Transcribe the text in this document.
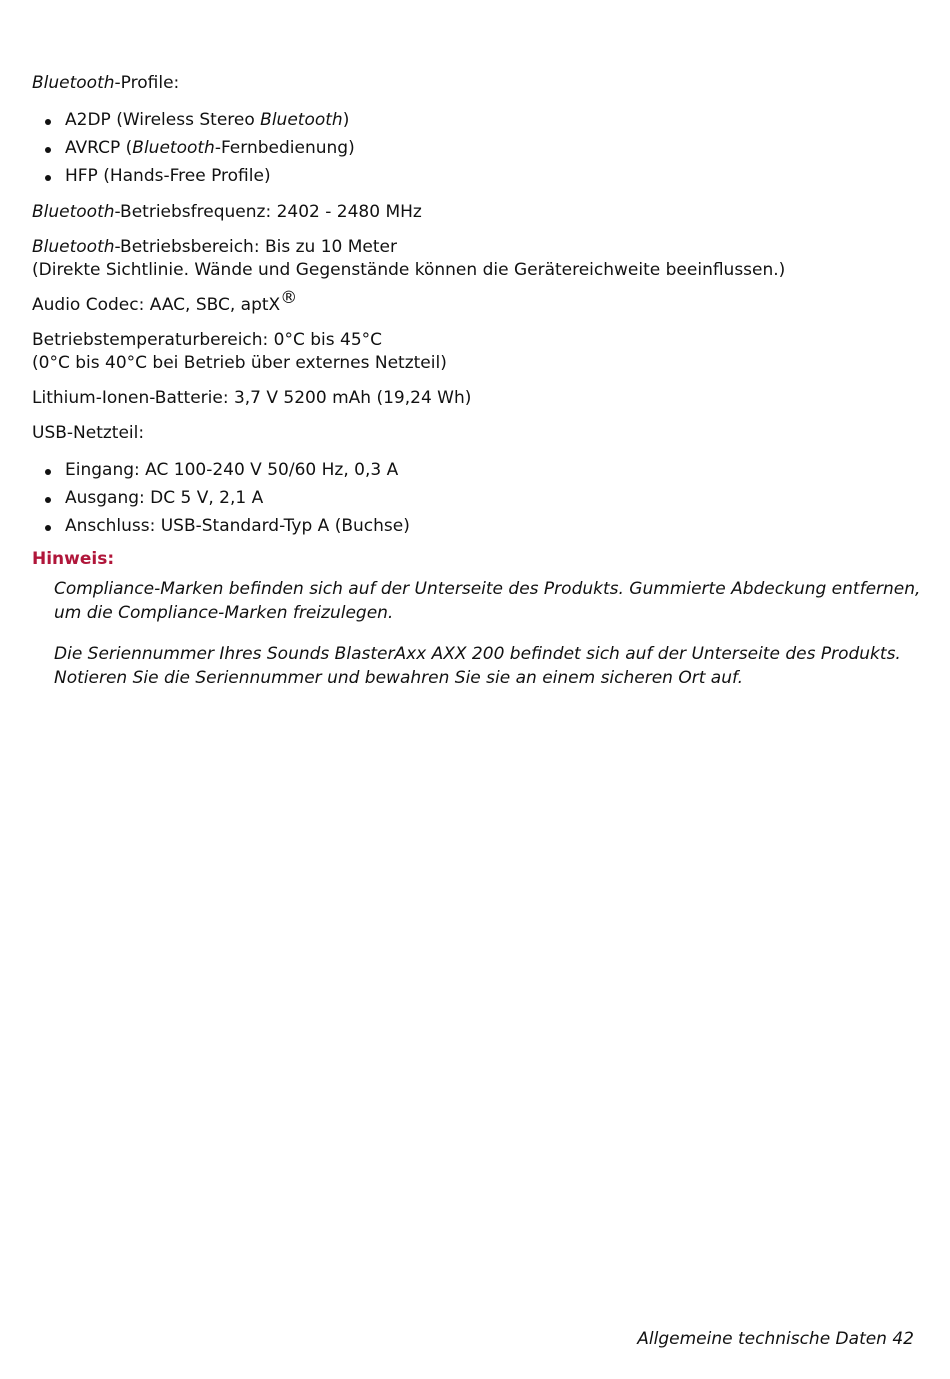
Bluetooth-Profile:

A2DP (Wireless Stereo Bluetooth)
AVRCP (Bluetooth-Fernbedienung)
HFP (Hands-Free Profile)

Bluetooth-Betriebsfrequenz: 2402 - 2480 MHz

Bluetooth-Betriebsbereich: Bis zu 10 Meter
(Direkte Sichtlinie. Wände und Gegenstände können die Gerätereichweite beeinflussen.)

Audio Codec: AAC, SBC, aptX®

Betriebstemperaturbereich: 0°C bis 45°C
(0°C bis 40°C bei Betrieb über externes Netzteil)

Lithium-Ionen-Batterie: 3,7 V 5200 mAh (19,24 Wh)

USB-Netzteil:

Eingang: AC 100-240 V 50/60 Hz, 0,3 A
Ausgang: DC 5 V, 2,1 A
Anschluss: USB-Standard-Typ A (Buchse)
Hinweis:

Compliance-Marken befinden sich auf der Unterseite des Produkts. Gummierte Abdeckung entfernen,
um die Compliance-Marken freizulegen.

Die Seriennummer Ihres Sounds BlasterAxx AXX 200 befindet sich auf der Unterseite des Produkts.
Notieren Sie die Seriennummer und bewahren Sie sie an einem sicheren Ort auf.

Allgemeine technische Daten 42
